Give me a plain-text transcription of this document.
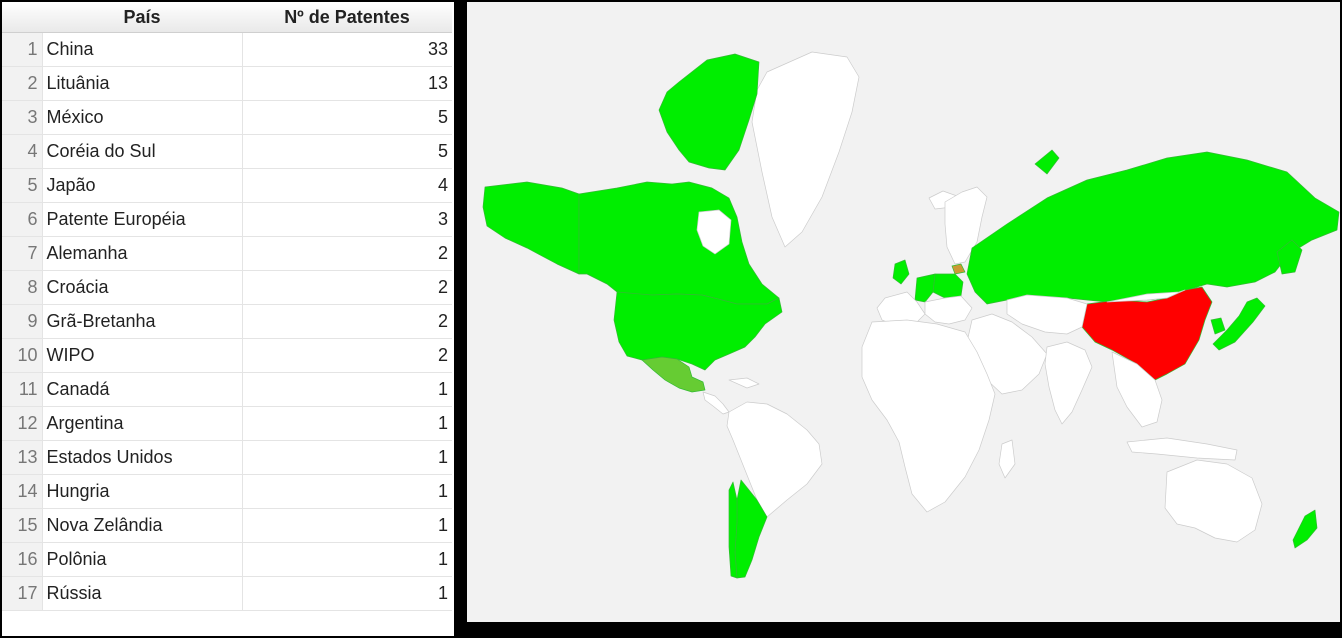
	País	Nº de Patentes
1	China	33
2	Lituânia	13
3	México	5
4	Coréia do Sul	5
5	Japão	4
6	Patente Européia	3
7	Alemanha	2
8	Croácia	2
9	Grã-Bretanha	2
10	WIPO	2
11	Canadá	1
12	Argentina	1
13	Estados Unidos	1
14	Hungria	1
15	Nova Zelândia	1
16	Polônia	1
17	Rússia	1
